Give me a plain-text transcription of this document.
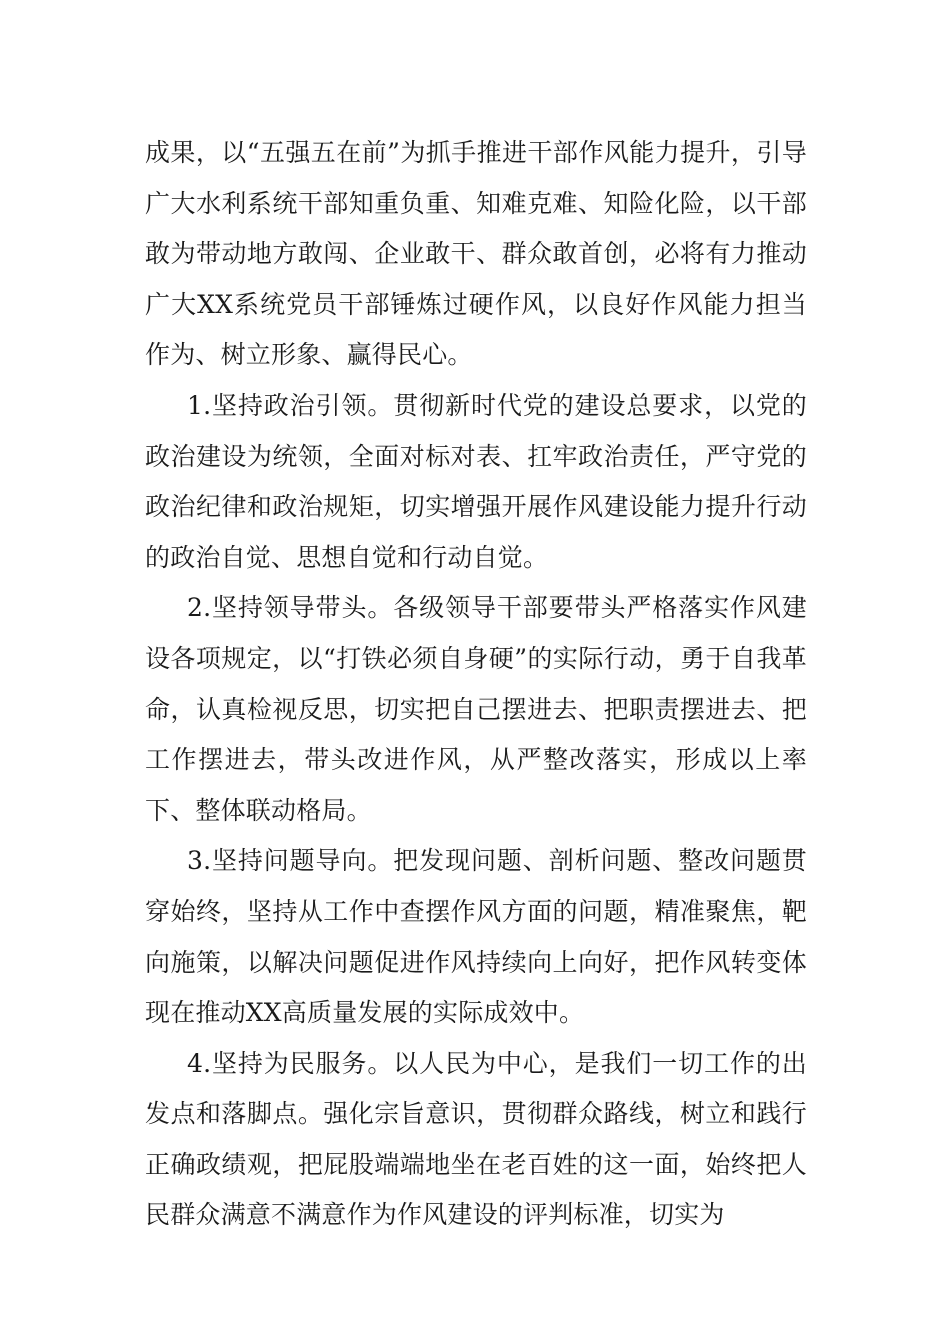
成果，以“五强五在前”为抓手推进干部作风能力提升，引导广大水利系统干部知重负重、知难克难、知险化险，以干部敢为带动地方敢闯、企业敢干、群众敢首创，必将有力推动广大XX系统党员干部锤炼过硬作风，以良好作风能力担当作为、树立形象、赢得民心。

1.坚持政治引领。贯彻新时代党的建设总要求，以党的政治建设为统领，全面对标对表、扛牢政治责任，严守党的政治纪律和政治规矩，切实增强开展作风建设能力提升行动的政治自觉、思想自觉和行动自觉。

2.坚持领导带头。各级领导干部要带头严格落实作风建设各项规定，以“打铁必须自身硬”的实际行动，勇于自我革命，认真检视反思，切实把自己摆进去、把职责摆进去、把工作摆进去，带头改进作风，从严整改落实，形成以上率下、整体联动格局。

3.坚持问题导向。把发现问题、剖析问题、整改问题贯穿始终，坚持从工作中查摆作风方面的问题，精准聚焦，靶向施策，以解决问题促进作风持续向上向好，把作风转变体现在推动XX高质量发展的实际成效中。

4.坚持为民服务。以人民为中心，是我们一切工作的出发点和落脚点。强化宗旨意识，贯彻群众路线，树立和践行正确政绩观，把屁股端端地坐在老百姓的这一面，始终把人民群众满意不满意作为作风建设的评判标准，切实为
